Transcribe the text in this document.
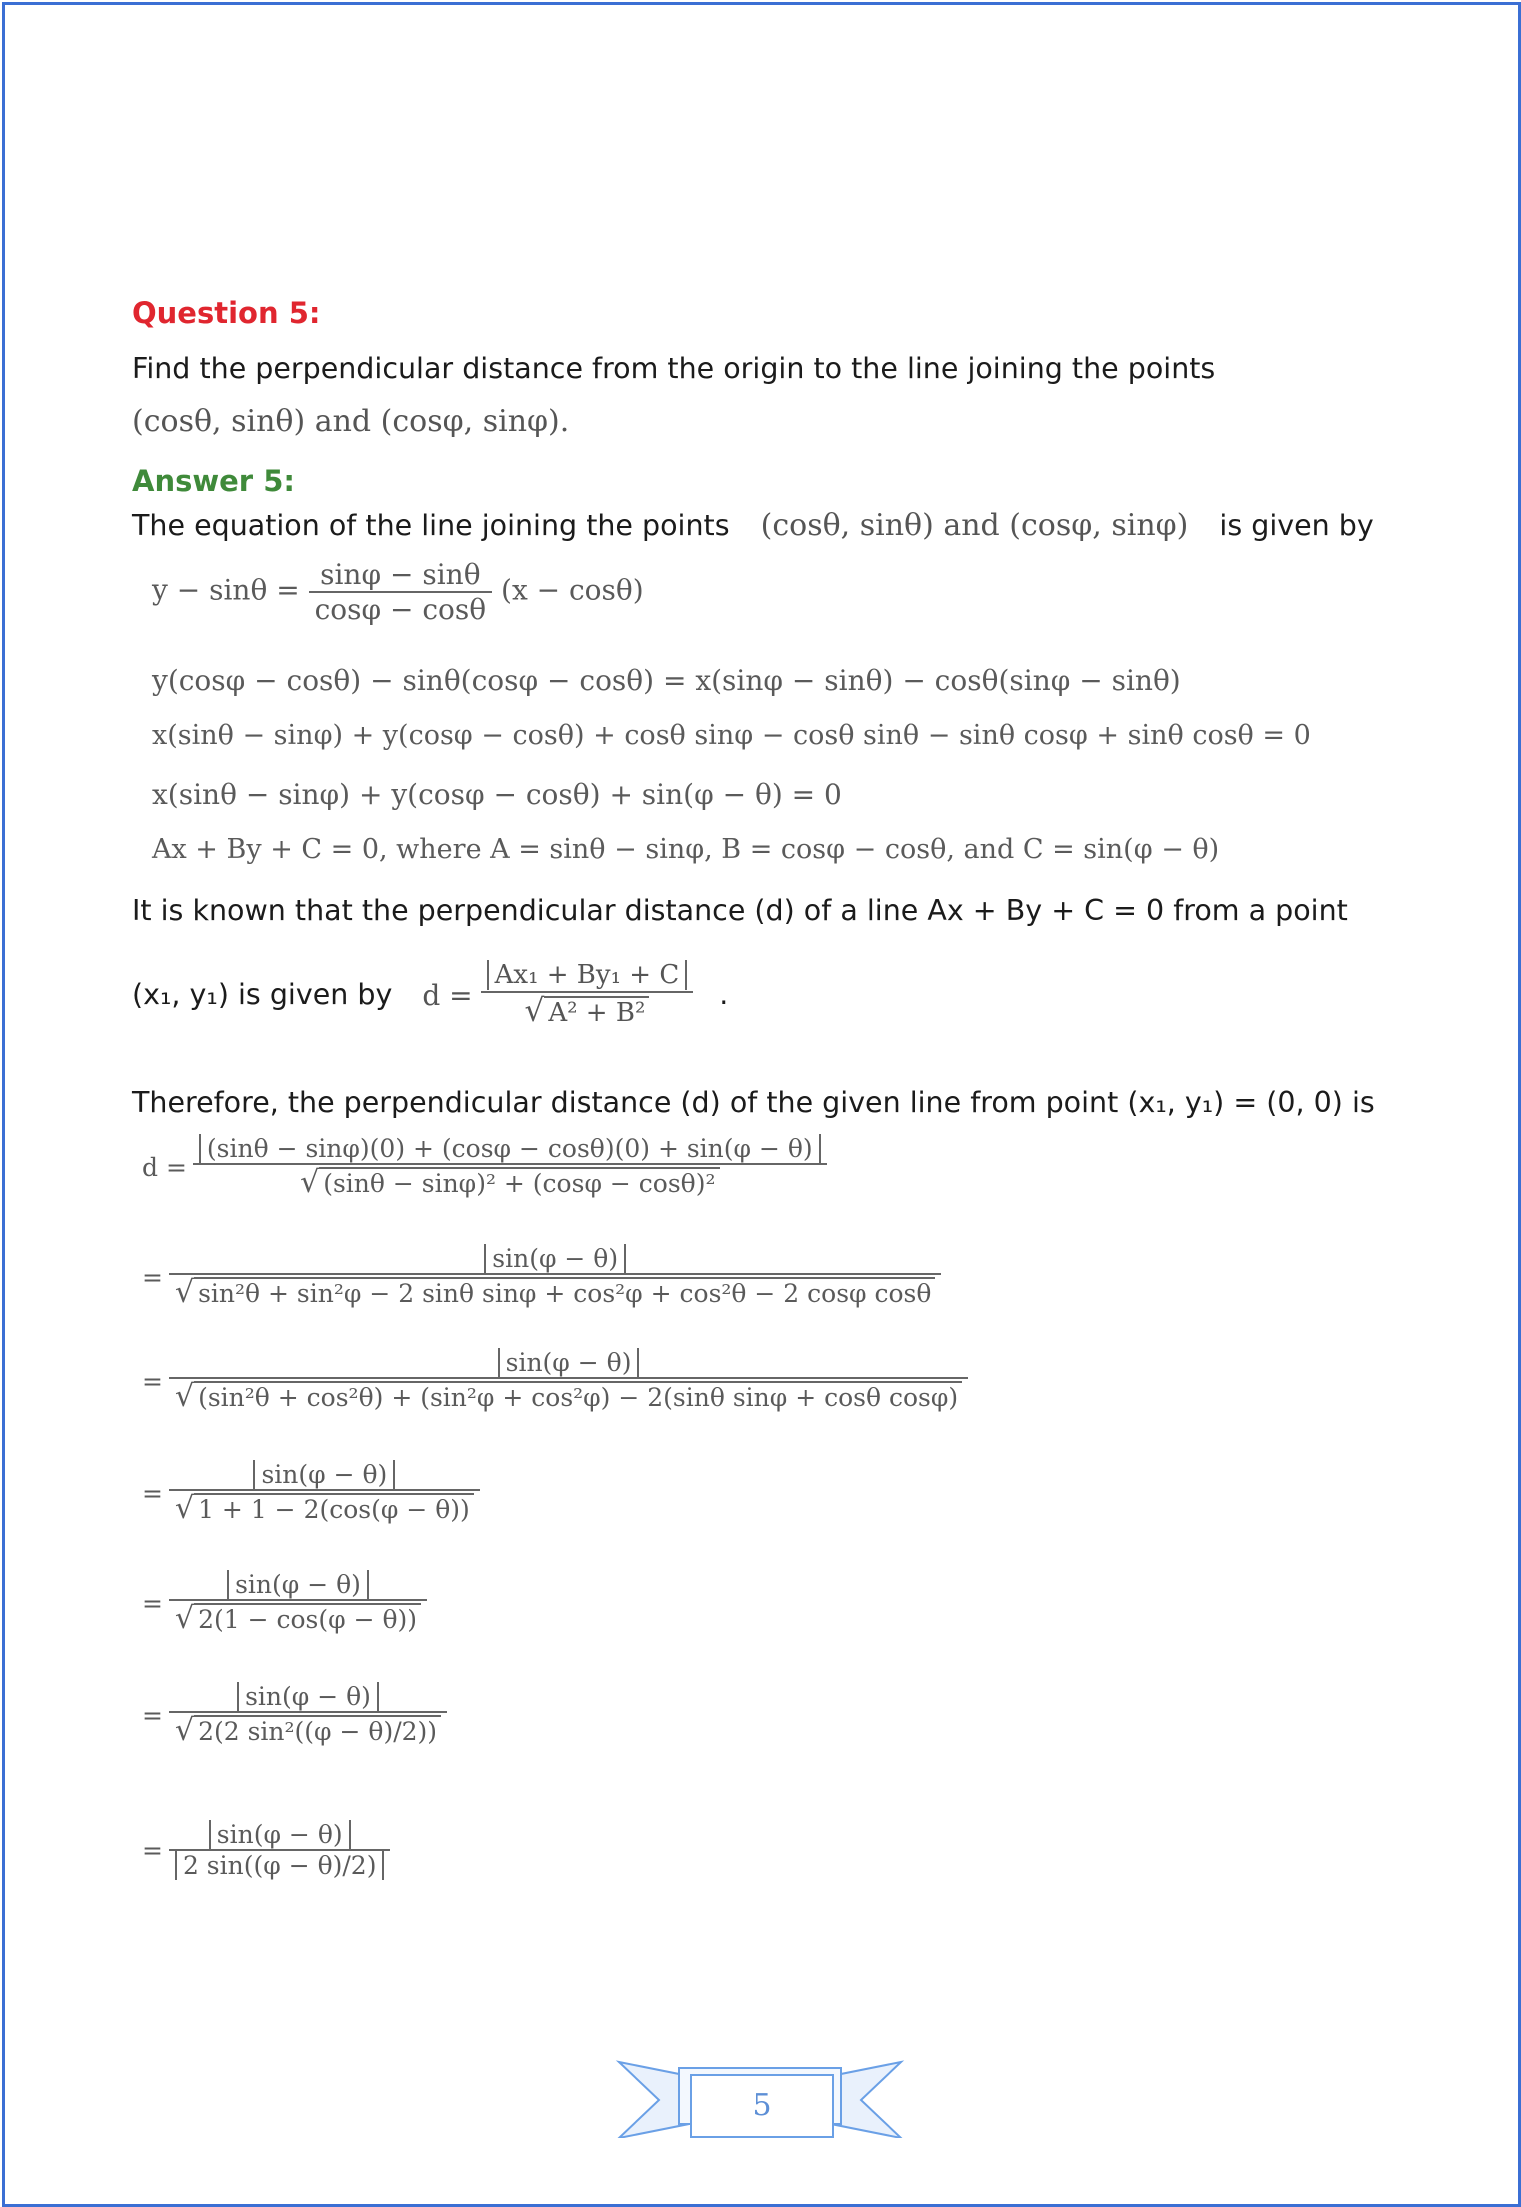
Question 5:
Find the perpendicular distance from the origin to the line joining the points
(cosθ, sinθ) and (cosφ, sinφ).
Answer 5:
The equation of the line joining the points (cosθ, sinθ) and (cosφ, sinφ) is given by
$y - \sin\theta = \frac{\sin\varphi - \sin\theta}{\cos\varphi - \cos\theta} (x - \cos\theta)$
y(cosφ − cosθ) − sinθ(cosφ − cosθ) = x(sinφ − sinθ) − cosθ(sinφ − sinθ)
x(sinθ − sinφ) + y(cosφ − cosθ) + cosθ sinφ − cosθ sinθ − sinθ cosφ + sinθ cosθ = 0
x(sinθ − sinφ) + y(cosφ − cosθ) + sin(φ − θ) = 0
Ax + By + C = 0, where A = sinθ − sinφ, B = cosφ − cosθ, and C = sin(φ − θ)
It is known that the perpendicular distance (d) of a line Ax + By + C = 0 from a point
(x₁, y₁) is given by $d = \frac{\text{Ax₁ + By₁ + C}}{\text{√ A² + B²}}$ .
Therefore, the perpendicular distance (d) of the given line from point (x₁, y₁) = (0, 0) is
$d = \frac{(\sin\theta - \sin\varphi)(0) + (\cos\varphi - \cos\theta)(0) + \sin(\varphi - \theta)}{\text{√ (sinθ − sinφ)² + (cosφ − cosθ)²}}$
= $\frac{\sin(\varphi - \theta)}{\text{√ sin²θ + sin²φ − 2 sinθ sinφ + cos²φ + cos²θ − 2 cosφ cosθ}}$
=
sin(φ − θ)
√ (sin²θ + cos²θ) + (sin²φ + cos²φ) − 2(sinθ sinφ + cosθ cosφ)
= $\frac{\sin(\varphi - \theta)}{√ 1 + 1 - 2(\cos(\varphi - \theta))}$
= $\frac{\sin(\varphi - \theta)}{√ 2(1 - \cos(\varphi - \theta))}$
= $\frac{\sin(\varphi - \theta)}{\text{√ 2(2 sin²((φ − θ)/2))}}$
= $\frac{\sin(\varphi - \theta)}{2 \sin((\varphi - \theta)/2)}$
5
